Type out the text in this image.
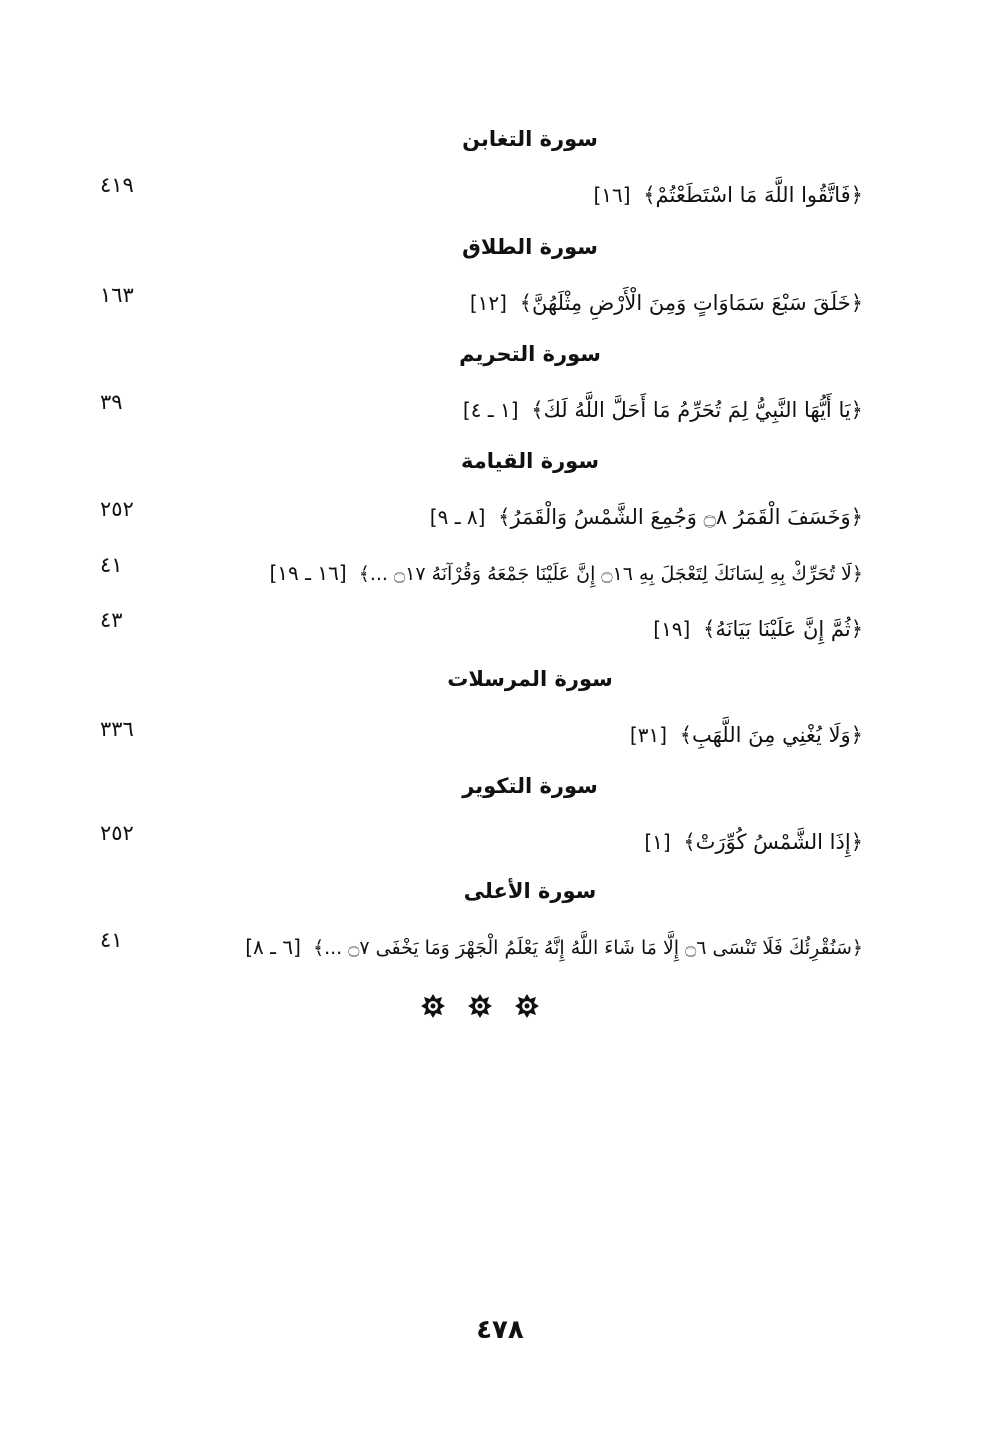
سورة التغابن
﴿فَاتَّقُوا اللَّهَ مَا اسْتَطَعْتُمْ﴾ [١٦]
٤١٩
سورة الطلاق
﴿خَلَقَ سَبْعَ سَمَاوَاتٍ وَمِنَ الْأَرْضِ مِثْلَهُنَّ﴾ [١٢]
١٦٣
سورة التحريم
﴿يَا أَيُّهَا النَّبِيُّ لِمَ تُحَرِّمُ مَا أَحَلَّ اللَّهُ لَكَ﴾ [١ ـ ٤]
٣٩
سورة القيامة
﴿وَخَسَفَ الْقَمَرُ ۝٨ وَجُمِعَ الشَّمْسُ وَالْقَمَرُ﴾ [٨ ـ ٩]
٢٥٢
﴿لَا تُحَرِّكْ بِهِ لِسَانَكَ لِتَعْجَلَ بِهِ ۝١٦ إِنَّ عَلَيْنَا جَمْعَهُ وَقُرْآنَهُ ۝١٧ ...﴾ [١٦ ـ ١٩]
٤١
﴿ثُمَّ إِنَّ عَلَيْنَا بَيَانَهُ﴾ [١٩]
٤٣
سورة المرسلات
﴿وَلَا يُغْنِي مِنَ اللَّهَبِ﴾ [٣١]
٣٣٦
سورة التكوير
﴿إِذَا الشَّمْسُ كُوِّرَتْ﴾ [١]
٢٥٢
سورة الأعلى
﴿سَنُقْرِئُكَ فَلَا تَنْسَى ۝٦ إِلَّا مَا شَاءَ اللَّهُ إِنَّهُ يَعْلَمُ الْجَهْرَ وَمَا يَخْفَى ۝٧ ...﴾ [٦ ـ ٨]
٤١
٤٧٨
